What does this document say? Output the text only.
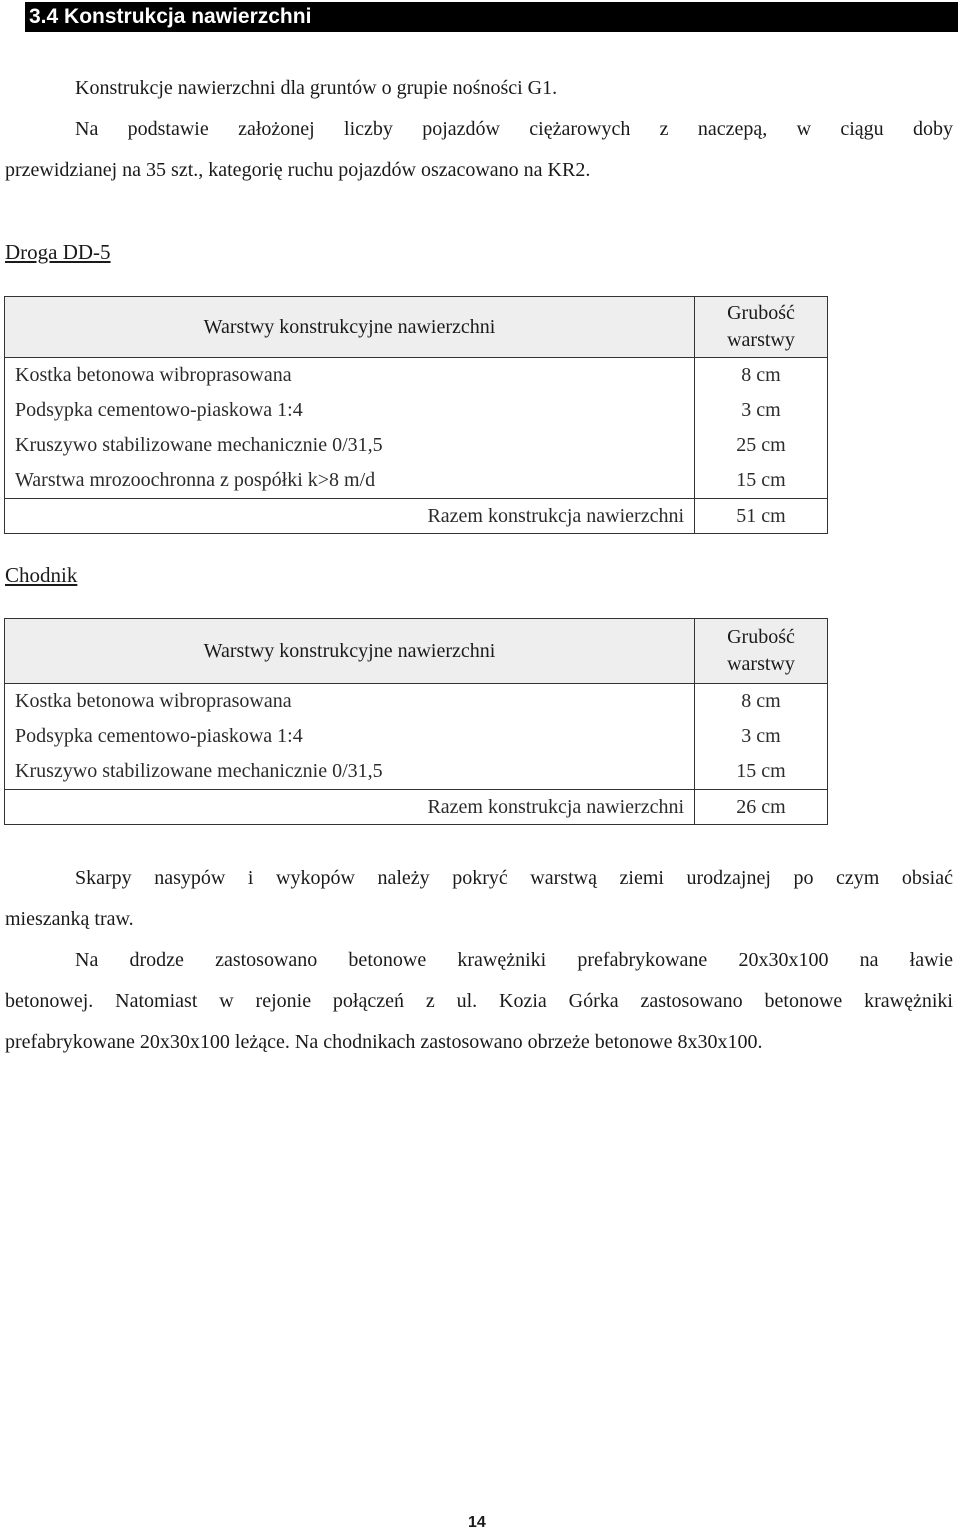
3.4 Konstrukcja nawierzchni
Konstrukcje nawierzchni dla gruntów o grupie nośności G1.
Na podstawie założonej liczby pojazdów ciężarowych z naczepą, w ciągu doby
przewidzianej na 35 szt., kategorię ruchu pojazdów oszacowano na KR2.
Droga DD-5
Warstwy konstrukcyjne nawierzchni	Grubość
warstwy
Kostka betonowa wibroprasowana	8 cm
Podsypka cementowo-piaskowa 1:4	3 cm
Kruszywo stabilizowane mechanicznie 0/31,5	25 cm
Warstwa mrozoochronna z pospółki k>8 m/d	15 cm
Razem konstrukcja nawierzchni	51 cm
Chodnik
Warstwy konstrukcyjne nawierzchni	Grubość
warstwy
Kostka betonowa wibroprasowana	8 cm
Podsypka cementowo-piaskowa 1:4	3 cm
Kruszywo stabilizowane mechanicznie 0/31,5	15 cm
Razem konstrukcja nawierzchni	26 cm
Skarpy nasypów i wykopów należy pokryć warstwą ziemi urodzajnej po czym obsiać
mieszanką traw.
Na drodze zastosowano betonowe krawężniki prefabrykowane 20x30x100 na ławie
betonowej. Natomiast w rejonie połączeń z ul. Kozia Górka zastosowano betonowe krawężniki
prefabrykowane 20x30x100 leżące. Na chodnikach zastosowano obrzeże betonowe 8x30x100.
14
